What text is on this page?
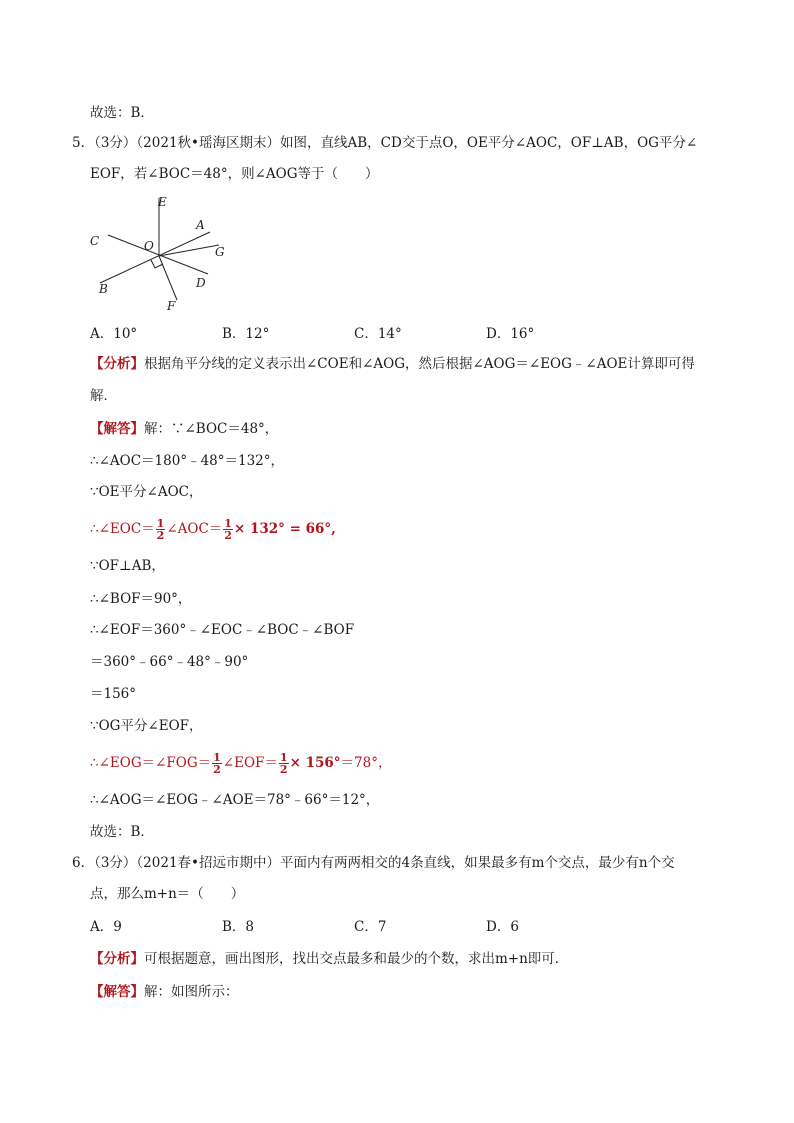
故选：B．
5．（3分）（2021秋•瑶海区期末）如图，直线AB，CD交于点O，OE平分∠AOC，OF⊥AB，OG平分∠
EOF，若∠BOC＝48°，则∠AOG等于（　　）
E
A
C	O	G
D
B
F
A．10°	B．12°	C．14°	D．16°
【分析】根据角平分线的定义表示出∠COE和∠AOG，然后根据∠AOG＝∠EOG﹣∠AOE计算即可得
解．
【解答】解：∵∠BOC＝48°，
∴∠AOC＝180°﹣48°＝132°，
∵OE平分∠AOC，
∴∠EOC＝ $\frac{1}{2}$ ∠AOC＝ $\frac{1}{2} \times 132^\circ = 66^\circ$,
∵OF⊥AB，
∴∠BOF＝90°，
∴∠EOF＝360°﹣∠EOC﹣∠BOC﹣∠BOF
＝360°﹣66°﹣48°﹣90°
＝156°
∵OG平分∠EOF，
∴∠EOG＝∠FOG＝ $\frac{1}{2}$ ∠EOF＝ $\frac{1}{2} \times 156^\circ=78^\circ$，
∴∠AOG＝∠EOG﹣∠AOE＝78°﹣66°＝12°，
故选：B．
6．（3分）（2021春•招远市期中）平面内有两两相交的4条直线，如果最多有m个交点，最少有n个交
点，那么m+n＝（　　）
A．9	B．8	C．7	D．6
【分析】可根据题意，画出图形，找出交点最多和最少的个数，求出m+n即可．
【解答】解：如图所示：
